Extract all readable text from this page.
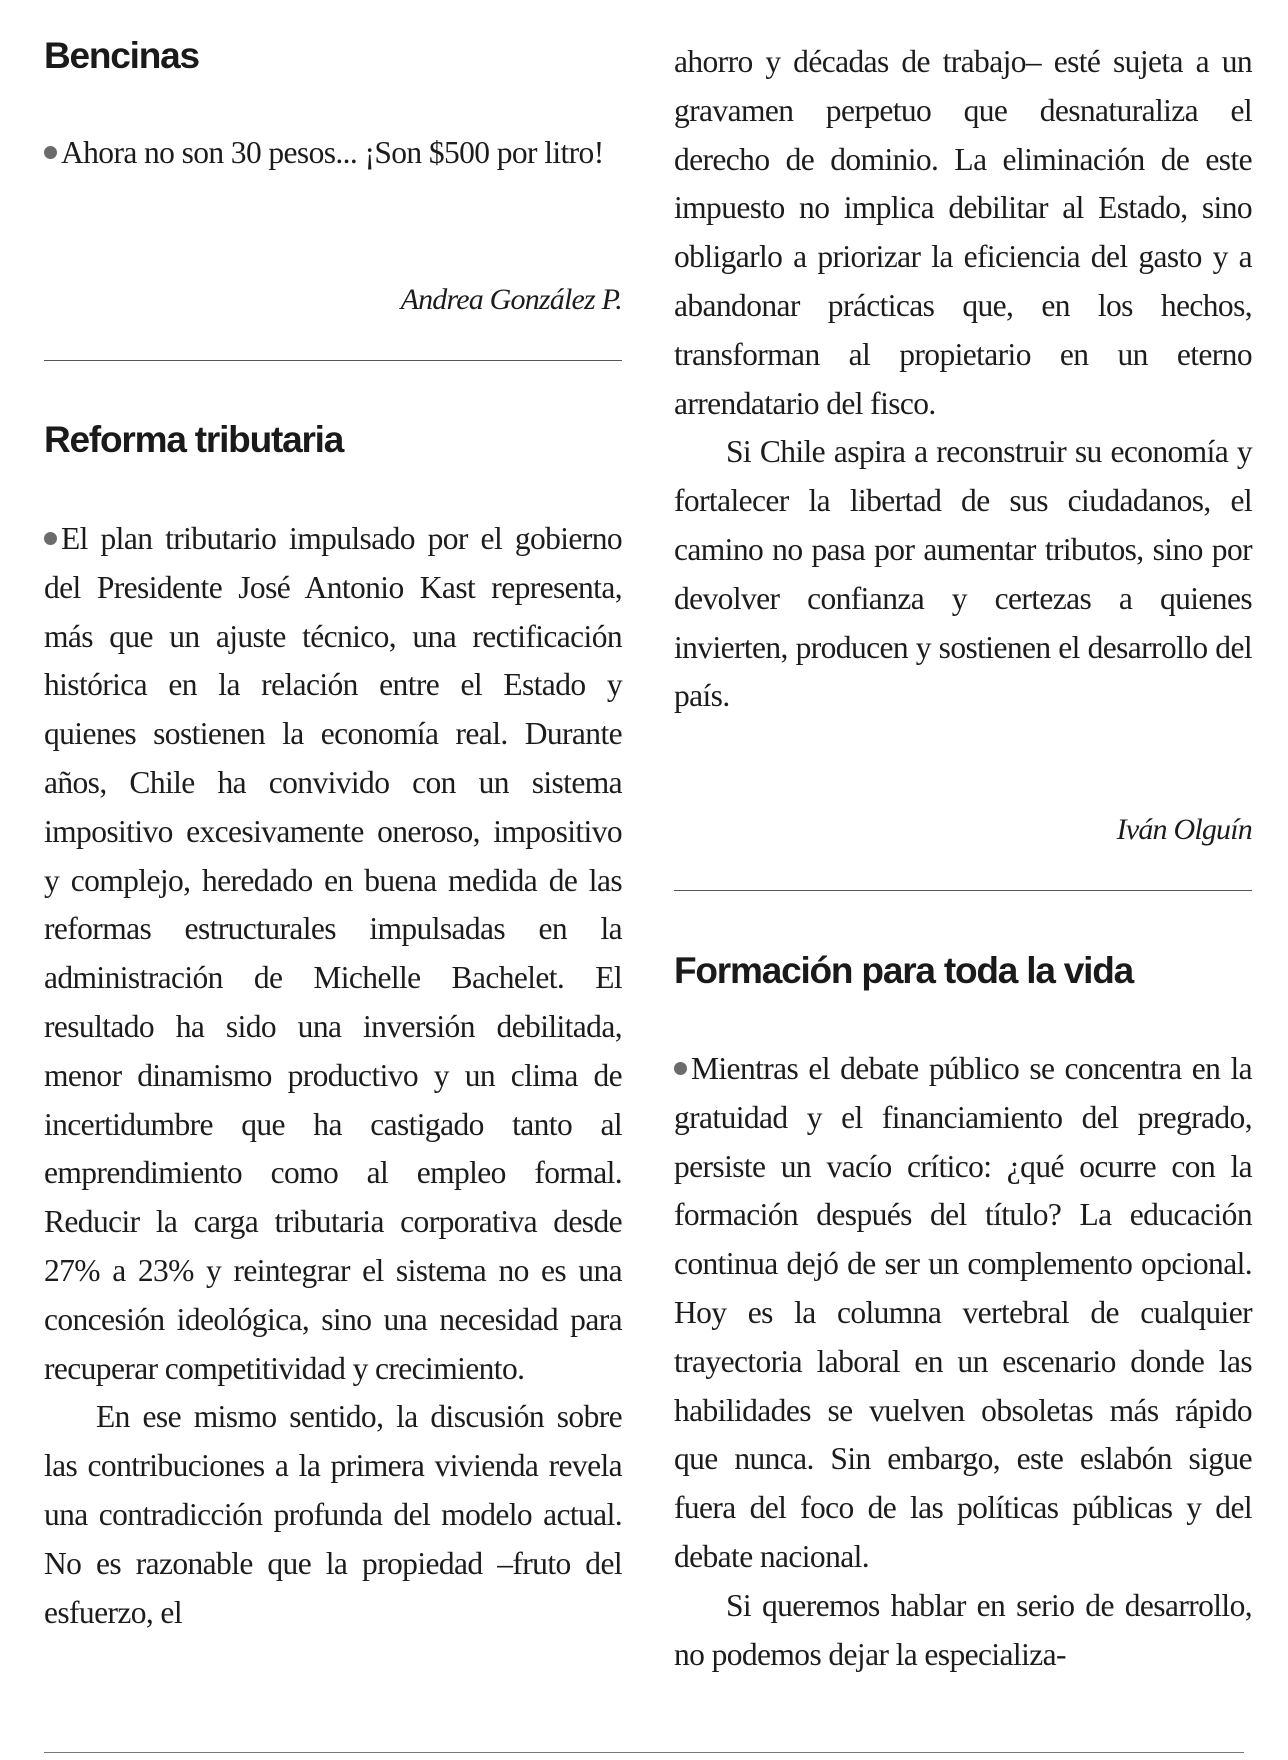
Bencinas

Ahora no son 30 pesos... ¡Son $500 por litro!

Andrea González P.

Reforma tributaria

El plan tributario impulsado por el gobierno del Presidente José Antonio Kast representa, más que un ajuste técnico, una rectificación histórica en la relación entre el Estado y quienes sostienen la economía real. Durante años, Chile ha convivido con un sistema impositivo excesivamente oneroso, impositivo y complejo, heredado en buena medida de las reformas estructurales impulsadas en la administración de Michelle Bachelet. El resultado ha sido una inversión debilitada, menor dinamismo productivo y un clima de incertidumbre que ha castigado tanto al emprendimiento como al empleo formal. Reducir la carga tributaria corporativa desde 27% a 23% y reintegrar el sistema no es una concesión ideológica, sino una necesidad para recuperar competitividad y crecimiento.

En ese mismo sentido, la discusión sobre las contribuciones a la primera vivienda revela una contradicción profunda del modelo actual. No es razonable que la propiedad –fruto del esfuerzo, el

ahorro y décadas de trabajo– esté sujeta a un gravamen perpetuo que desnaturaliza el derecho de dominio. La eliminación de este impuesto no implica debilitar al Estado, sino obligarlo a priorizar la eficiencia del gasto y a abandonar prácticas que, en los hechos, transforman al propietario en un eterno arrendatario del fisco.

Si Chile aspira a reconstruir su economía y fortalecer la libertad de sus ciudadanos, el camino no pasa por aumentar tributos, sino por devolver confianza y certezas a quienes invierten, producen y sostienen el desarrollo del país.

Iván Olguín

Formación para toda la vida

Mientras el debate público se concentra en la gratuidad y el financiamiento del pregrado, persiste un vacío crítico: ¿qué ocurre con la formación después del título? La educación continua dejó de ser un complemento opcional. Hoy es la columna vertebral de cualquier trayectoria laboral en un escenario donde las habilidades se vuelven obsoletas más rápido que nunca. Sin embargo, este eslabón sigue fuera del foco de las políticas públicas y del debate nacional.

Si queremos hablar en serio de desarrollo, no podemos dejar la especializa-
